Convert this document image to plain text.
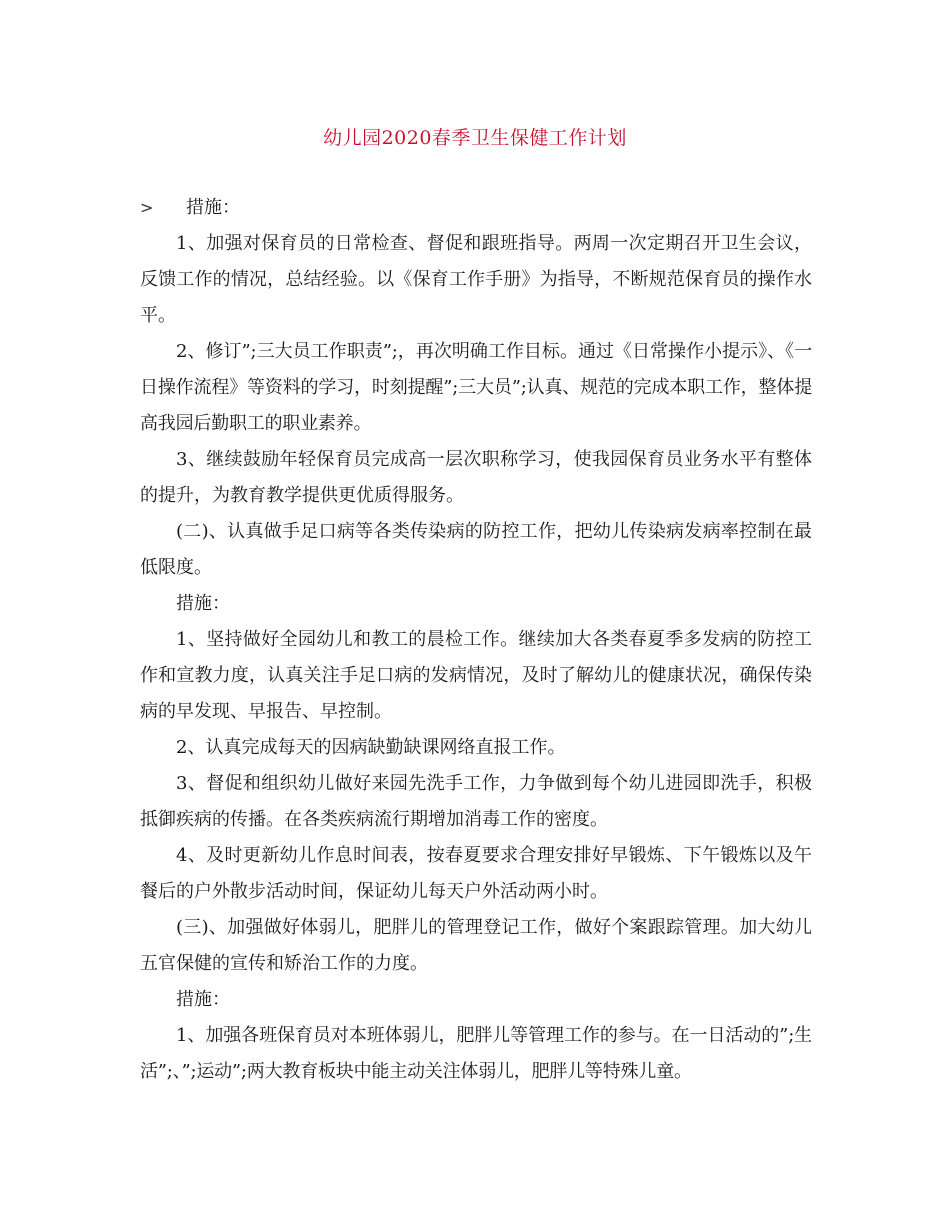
幼儿园2020春季卫生保健工作计划

> 措施：

1、加强对保育员的日常检查、督促和跟班指导。两周一次定期召开卫生会议，反馈工作的情况，总结经验。以《保育工作手册》为指导，不断规范保育员的操作水平。

2、修订”;三大员工作职责”;，再次明确工作目标。通过《日常操作小提示》、《一日操作流程》等资料的学习，时刻提醒”;三大员”;认真、规范的完成本职工作，整体提高我园后勤职工的职业素养。

3、继续鼓励年轻保育员完成高一层次职称学习，使我园保育员业务水平有整体的提升，为教育教学提供更优质得服务。

(二)、认真做手足口病等各类传染病的防控工作，把幼儿传染病发病率控制在最低限度。

措施：

1、坚持做好全园幼儿和教工的晨检工作。继续加大各类春夏季多发病的防控工作和宣教力度，认真关注手足口病的发病情况，及时了解幼儿的健康状况，确保传染病的早发现、早报告、早控制。

2、认真完成每天的因病缺勤缺课网络直报工作。

3、督促和组织幼儿做好来园先洗手工作，力争做到每个幼儿进园即洗手，积极抵御疾病的传播。在各类疾病流行期增加消毒工作的密度。

4、及时更新幼儿作息时间表，按春夏要求合理安排好早锻炼、下午锻炼以及午餐后的户外散步活动时间，保证幼儿每天户外活动两小时。

(三)、加强做好体弱儿，肥胖儿的管理登记工作，做好个案跟踪管理。加大幼儿五官保健的宣传和矫治工作的力度。

措施：

1、加强各班保育员对本班体弱儿，肥胖儿等管理工作的参与。在一日活动的”;生活”;、”;运动”;两大教育板块中能主动关注体弱儿，肥胖儿等特殊儿童。
